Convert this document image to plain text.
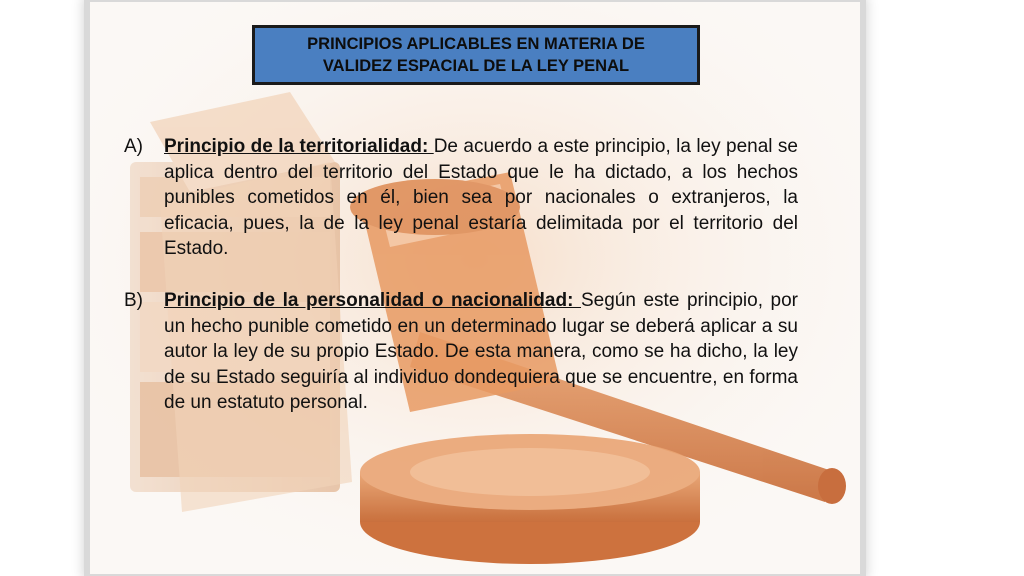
PRINCIPIOS APLICABLES EN MATERIA DE
VALIDEZ ESPACIAL DE LA LEY PENAL
A)	Principio de la territorialidad: De acuerdo a este principio, la ley penal se aplica dentro del territorio del Estado que le ha dictado, a los hechos punibles cometidos en él, bien sea por nacionales o extranjeros, la eficacia, pues, la de la ley penal estaría delimitada por el territorio del Estado.
B)	Principio de la personalidad o nacionalidad: Según este principio, por un hecho punible cometido en un determinado lugar se deberá aplicar a su autor la ley de su propio Estado. De esta manera, como se ha dicho, la ley de su Estado seguiría al individuo dondequiera que se encuentre, en forma de un estatuto personal.
